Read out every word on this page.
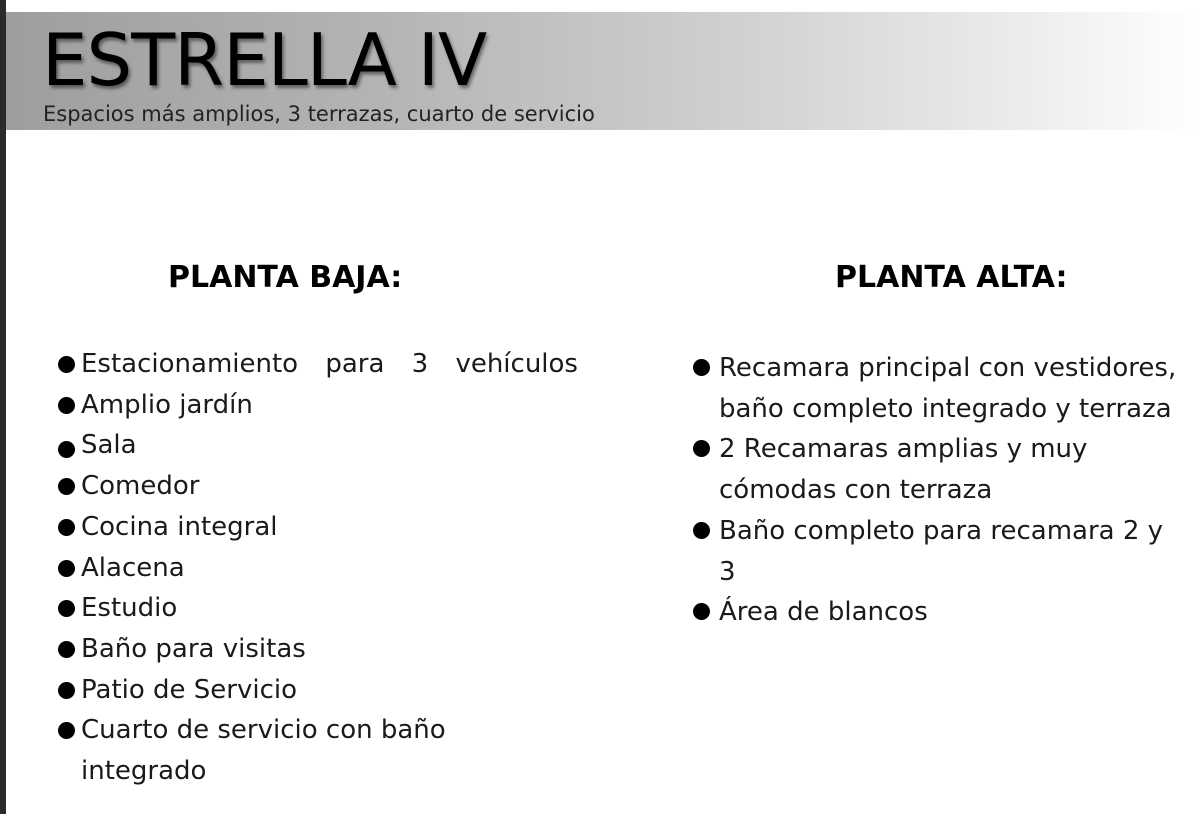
ESTRELLA IV
Espacios más amplios, 3 terrazas, cuarto de servicio
PLANTA BAJA:	PLANTA ALTA:
Estacionamiento para 3 vehículos
Amplio jardín
Sala
Comedor
Cocina integral
Alacena
Estudio
Baño para visitas
Patio de Servicio
Cuarto de servicio con baño
integrado
Recamara principal con vestidores,
baño completo integrado y terraza
2 Recamaras amplias y muy
cómodas con terraza
Baño completo para recamara 2 y
3
Área de blancos
